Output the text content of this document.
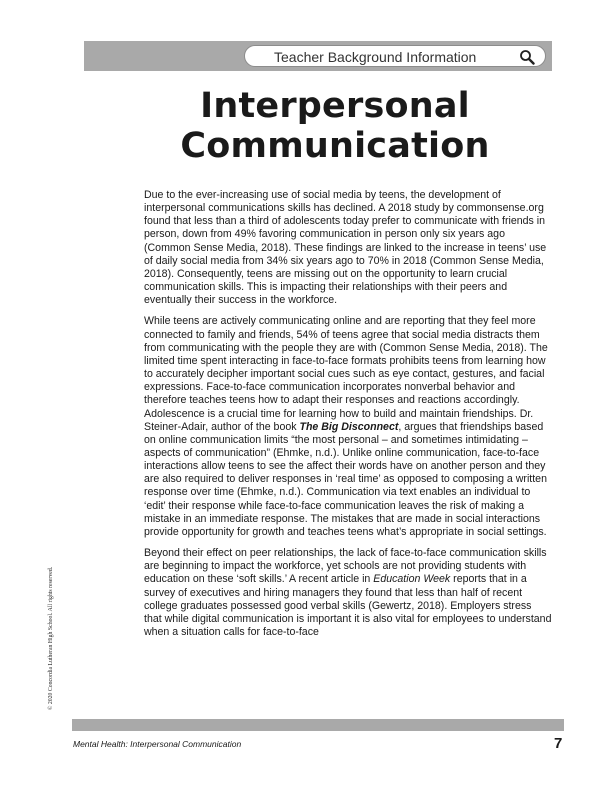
Teacher Background Information
Interpersonal
Communication

Due to the ever-increasing use of social media by teens, the development of interpersonal communications skills has declined. A 2018 study by commonsense.org found that less than a third of adolescents today prefer to communicate with friends in person, down from 49% favoring communication in person only six years ago (Common Sense Media, 2018). These findings are linked to the increase in teens’ use of daily social media from 34% six years ago to 70% in 2018 (Common Sense Media, 2018). Consequently, teens are missing out on the opportunity to learn crucial communication skills. This is impacting their relationships with their peers and eventually their success in the workforce.

While teens are actively communicating online and are reporting that they feel more connected to family and friends, 54% of teens agree that social media distracts them from communicating with the people they are with (Common Sense Media, 2018). The limited time spent interacting in face-to-face formats prohibits teens from learning how to accurately decipher important social cues such as eye contact, gestures, and facial expressions. Face-to-face communication incorporates nonverbal behavior and therefore teaches teens how to adapt their responses and reactions accordingly. Adolescence is a crucial time for learning how to build and maintain friendships. Dr. Steiner-Adair, author of the book The Big Disconnect, argues that friendships based on online communication limits “the most personal – and sometimes intimidating – aspects of communication” (Ehmke, n.d.). Unlike online communication, face-to-face interactions allow teens to see the affect their words have on another person and they are also required to deliver responses in ‘real time’ as opposed to composing a written response over time (Ehmke, n.d.). Communication via text enables an individual to ‘edit’ their response while face-to-face communication leaves the risk of making a mistake in an immediate response. The mistakes that are made in social interactions provide opportunity for growth and teaches teens what’s appropriate in social settings.

Beyond their effect on peer relationships, the lack of face-to-face communication skills are beginning to impact the workforce, yet schools are not providing students with education on these ‘soft skills.’ A recent article in Education Week reports that in a survey of executives and hiring managers they found that less than half of recent college graduates possessed good verbal skills (Gewertz, 2018). Employers stress that while digital communication is important it is also vital for employees to understand when a situation calls for face-to-face

© 2020 Concordia Lutheran High School. All rights reserved.
Mental Health: Interpersonal Communication	7
